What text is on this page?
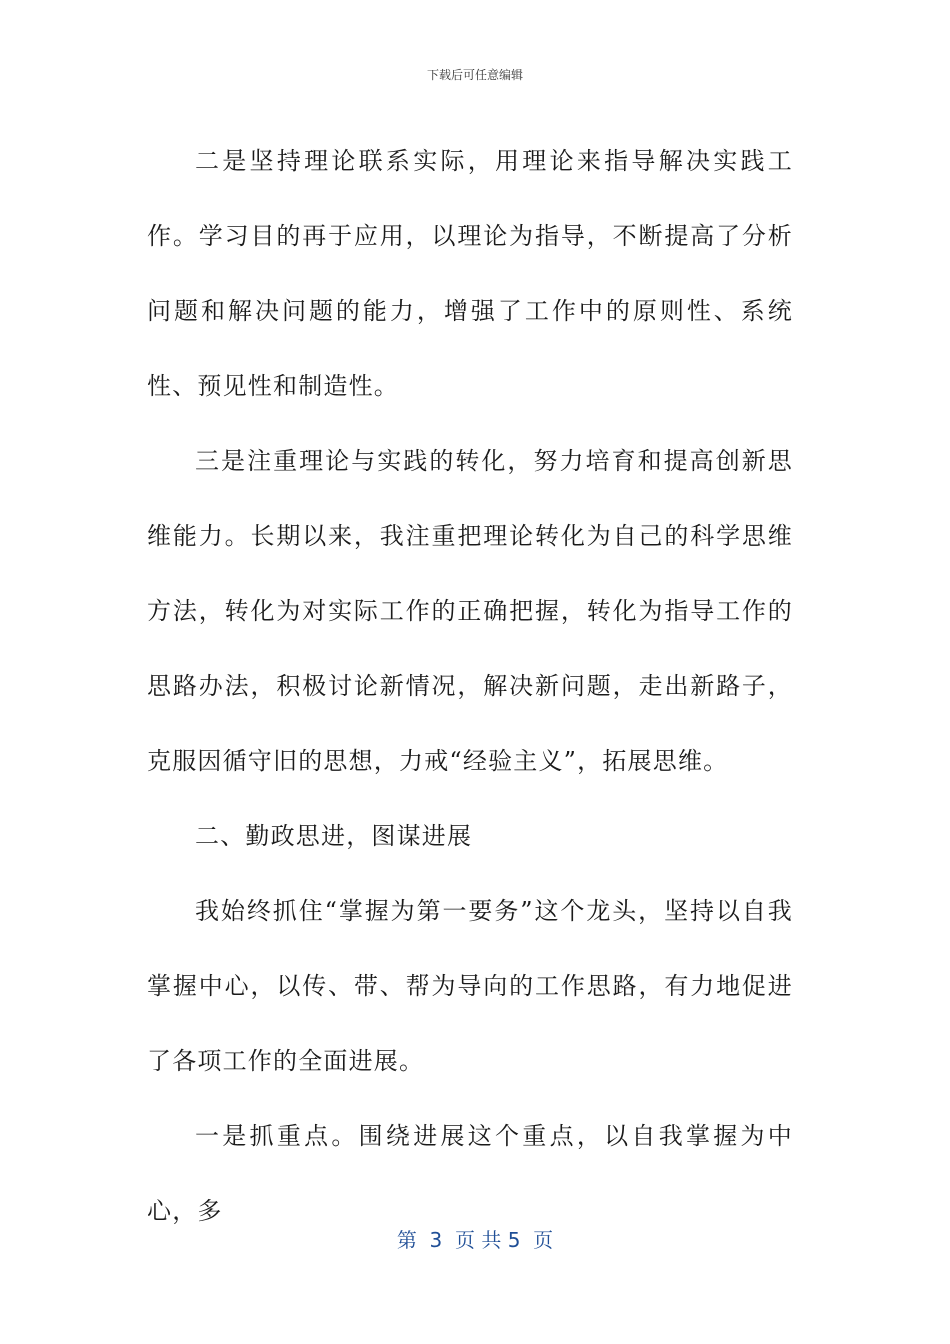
下载后可任意编辑

二是坚持理论联系实际，用理论来指导解决实践工作。学习目的再于应用，以理论为指导，不断提高了分析问题和解决问题的能力，增强了工作中的原则性、系统性、预见性和制造性。

三是注重理论与实践的转化，努力培育和提高创新思维能力。长期以来，我注重把理论转化为自己的科学思维方法，转化为对实际工作的正确把握，转化为指导工作的思路办法，积极讨论新情况，解决新问题，走出新路子，克服因循守旧的思想，力戒“经验主义”，拓展思维。

二、勤政思进，图谋进展

我始终抓住“掌握为第一要务”这个龙头，坚持以自我掌握中心，以传、带、帮为导向的工作思路，有力地促进了各项工作的全面进展。

一是抓重点。围绕进展这个重点，以自我掌握为中心，多

第  3  页 共 5  页
